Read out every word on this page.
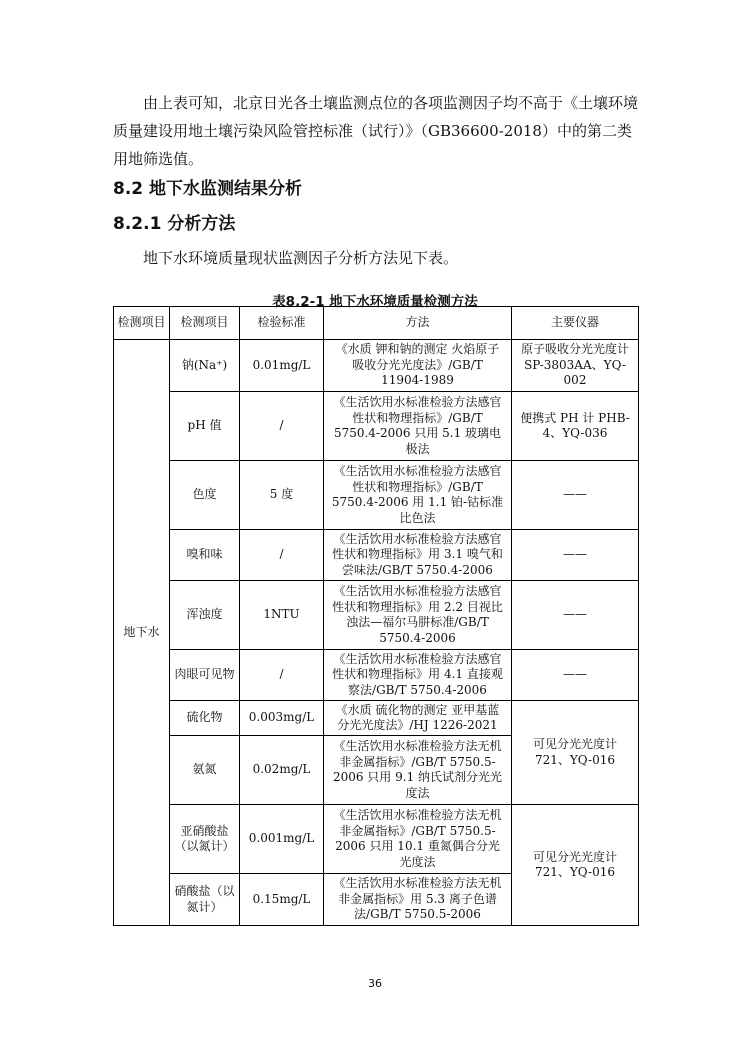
由上表可知，北京日光各土壤监测点位的各项监测因子均不高于《土壤环境质量建设用地土壤污染风险管控标准（试行）》（GB36600-2018）中的第二类用地筛选值。

8.2 地下水监测结果分析
8.2.1 分析方法

地下水环境质量现状监测因子分析方法见下表。

表8.2-1 地下水环境质量检测方法
检测项目	检测项目	检验标准	方法	主要仪器
地下水	钠(Na⁺)	0.01mg/L	《水质 钾和钠的测定 火焰原子吸收分光光度法》/GB/T 11904-1989	原子吸收分光光度计 SP-3803AA、YQ-002
	pH 值	/	《生活饮用水标准检验方法感官性状和物理指标》/GB/T 5750.4-2006 只用 5.1 玻璃电极法	便携式 PH 计 PHB-4、YQ-036
	色度	5 度	《生活饮用水标准检验方法感官性状和物理指标》/GB/T 5750.4-2006 用 1.1 铂-钴标准比色法	——
	嗅和味	/	《生活饮用水标准检验方法感官性状和物理指标》用 3.1 嗅气和尝味法/GB/T 5750.4-2006	——
	浑浊度	1NTU	《生活饮用水标准检验方法感官性状和物理指标》用 2.2 目视比浊法—福尔马肼标准/GB/T 5750.4-2006	——
	肉眼可见物	/	《生活饮用水标准检验方法感官性状和物理指标》用 4.1 直接观察法/GB/T 5750.4-2006	——
	硫化物	0.003mg/L	《水质 硫化物的测定 亚甲基蓝分光光度法》/HJ 1226-2021	可见分光光度计 721、YQ-016
	氨氮	0.02mg/L	《生活饮用水标准检验方法无机非金属指标》/GB/T 5750.5-2006 只用 9.1 纳氏试剂分光光度法	
	亚硝酸盐（以氮计）	0.001mg/L	《生活饮用水标准检验方法无机非金属指标》/GB/T 5750.5-2006 只用 10.1 重氮偶合分光光度法	可见分光光度计 721、YQ-016
	硝酸盐（以氮计）	0.15mg/L	《生活饮用水标准检验方法无机非金属指标》用 5.3 离子色谱法/GB/T 5750.5-2006	
36
